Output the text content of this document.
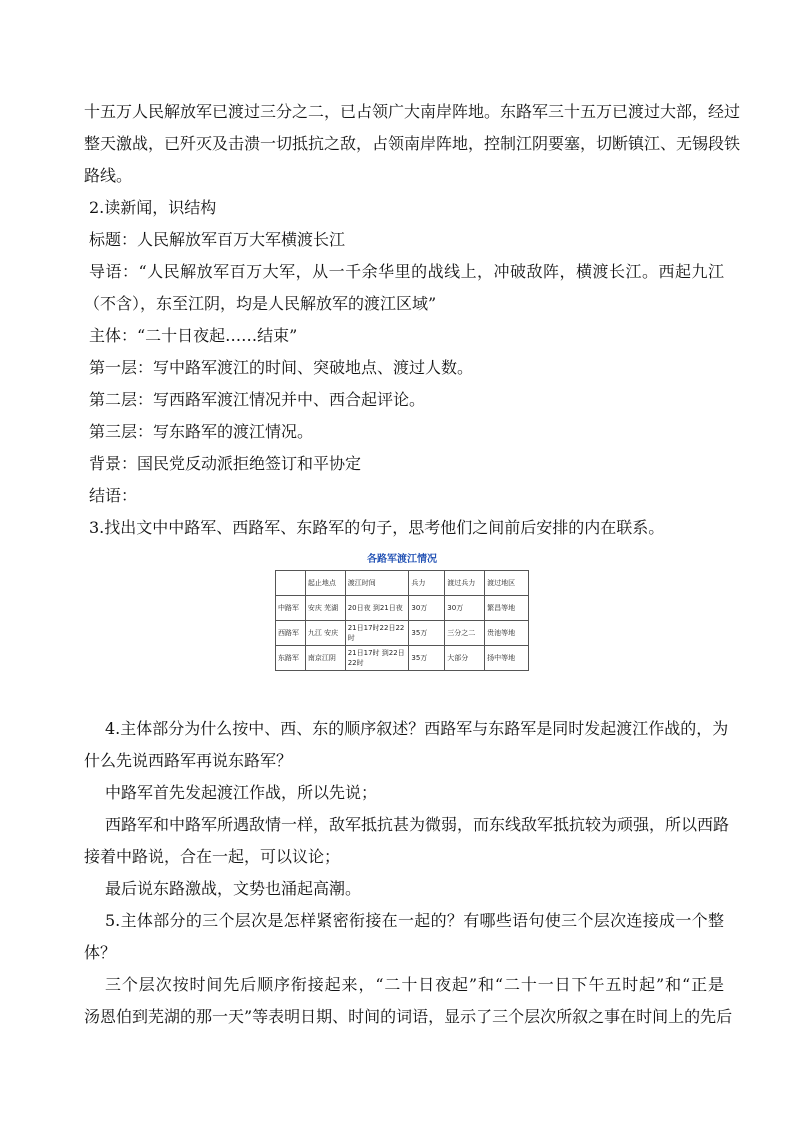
十五万人民解放军已渡过三分之二，已占领广大南岸阵地。东路军三十五万已渡过大部，经过
整天激战，已歼灭及击溃一切抵抗之敌，占领南岸阵地，控制江阴要塞，切断镇江、无锡段铁
路线。
2.读新闻，识结构
标题：人民解放军百万大军横渡长江
导语：“人民解放军百万大军，从一千余华里的战线上，冲破敌阵，横渡长江。西起九江
（不含），东至江阴，均是人民解放军的渡江区域”
主体：“二十日夜起……结束”
第一层：写中路军渡江的时间、突破地点、渡过人数。
第二层：写西路军渡江情况并中、西合起评论。
第三层：写东路军的渡江情况。
背景：国民党反动派拒绝签订和平协定
结语：
3.找出文中中路军、西路军、东路军的句子，思考他们之间前后安排的内在联系。
各路军渡江情况
	起止地点	渡江时间	兵力	渡过兵力	渡过地区
中路军	安庆 芜湖	20日夜 到21日夜	30万	30万	繁昌等地
西路军	九江 安庆	21日17时22日22时	35万	三分之二	贵池等地
东路军	南京江阴	21日17时 到22日22时	35万	大部分	扬中等地
4.主体部分为什么按中、西、东的顺序叙述？西路军与东路军是同时发起渡江作战的，为
什么先说西路军再说东路军？
中路军首先发起渡江作战，所以先说；
西路军和中路军所遇敌情一样，敌军抵抗甚为微弱，而东线敌军抵抗较为顽强，所以西路
接着中路说，合在一起，可以议论；
最后说东路激战，文势也涌起高潮。
5.主体部分的三个层次是怎样紧密衔接在一起的？有哪些语句使三个层次连接成一个整
体？
三个层次按时间先后顺序衔接起来，“二十日夜起”和“二十一日下午五时起”和“正是
汤恩伯到芜湖的那一天”等表明日期、时间的词语，显示了三个层次所叙之事在时间上的先后
